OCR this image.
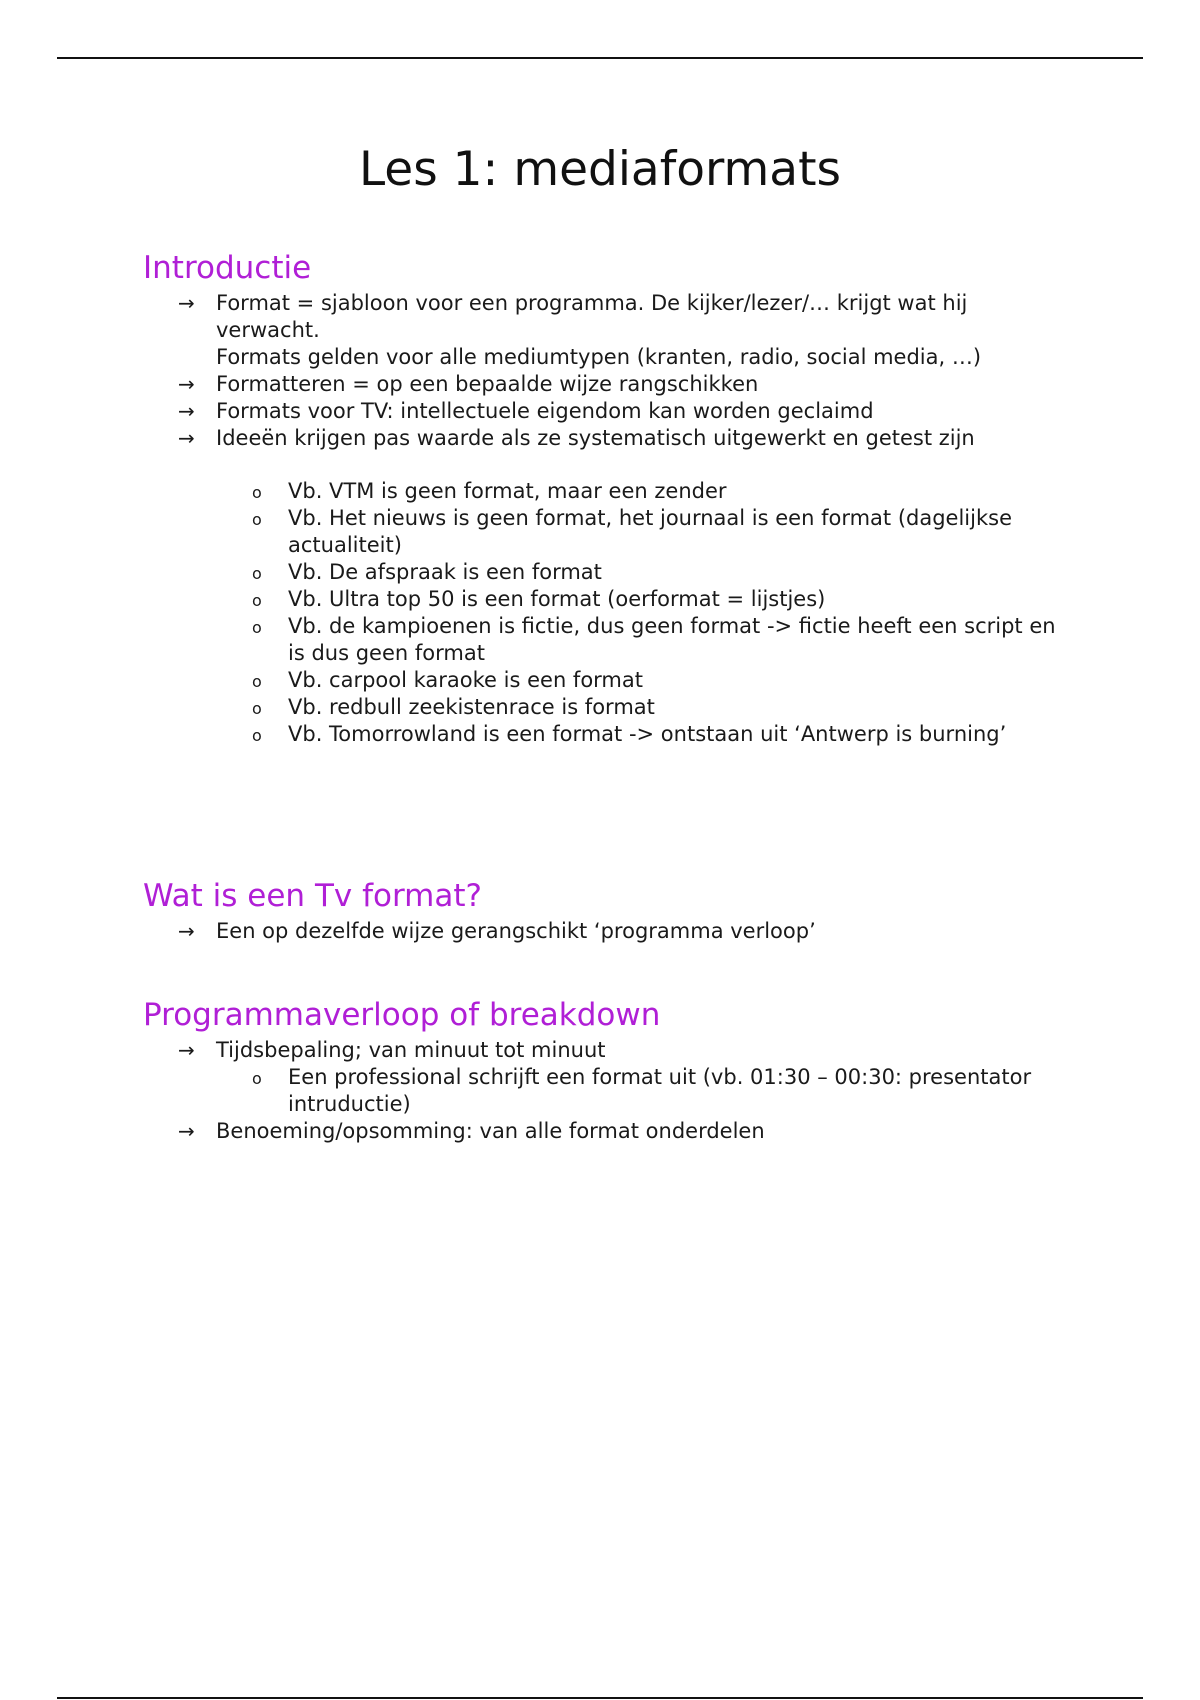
Les 1: mediaformats
Introductie
→ Format = sjabloon voor een programma. De kijker/lezer/… krijgt wat hij verwacht.
Formats gelden voor alle mediumtypen (kranten, radio, social media, …)
→ Formatteren = op een bepaalde wijze rangschikken
→ Formats voor TV: intellectuele eigendom kan worden geclaimd
→ Ideeën krijgen pas waarde als ze systematisch uitgewerkt en getest zijn
o Vb. VTM is geen format, maar een zender
o Vb. Het nieuws is geen format, het journaal is een format (dagelijkse actualiteit)
o Vb. De afspraak is een format
o Vb. Ultra top 50 is een format (oerformat = lijstjes)
o Vb. de kampioenen is fictie, dus geen format -> fictie heeft een script en is dus geen format
o Vb. carpool karaoke is een format
o Vb. redbull zeekistenrace is format
o Vb. Tomorrowland is een format -> ontstaan uit ‘Antwerp is burning’
Wat is een Tv format?
→ Een op dezelfde wijze gerangschikt ‘programma verloop’
Programmaverloop of breakdown
→ Tijdsbepaling; van minuut tot minuut
o Een professional schrijft een format uit (vb. 01:30 – 00:30: presentator intruductie)
→ Benoeming/opsomming: van alle format onderdelen
